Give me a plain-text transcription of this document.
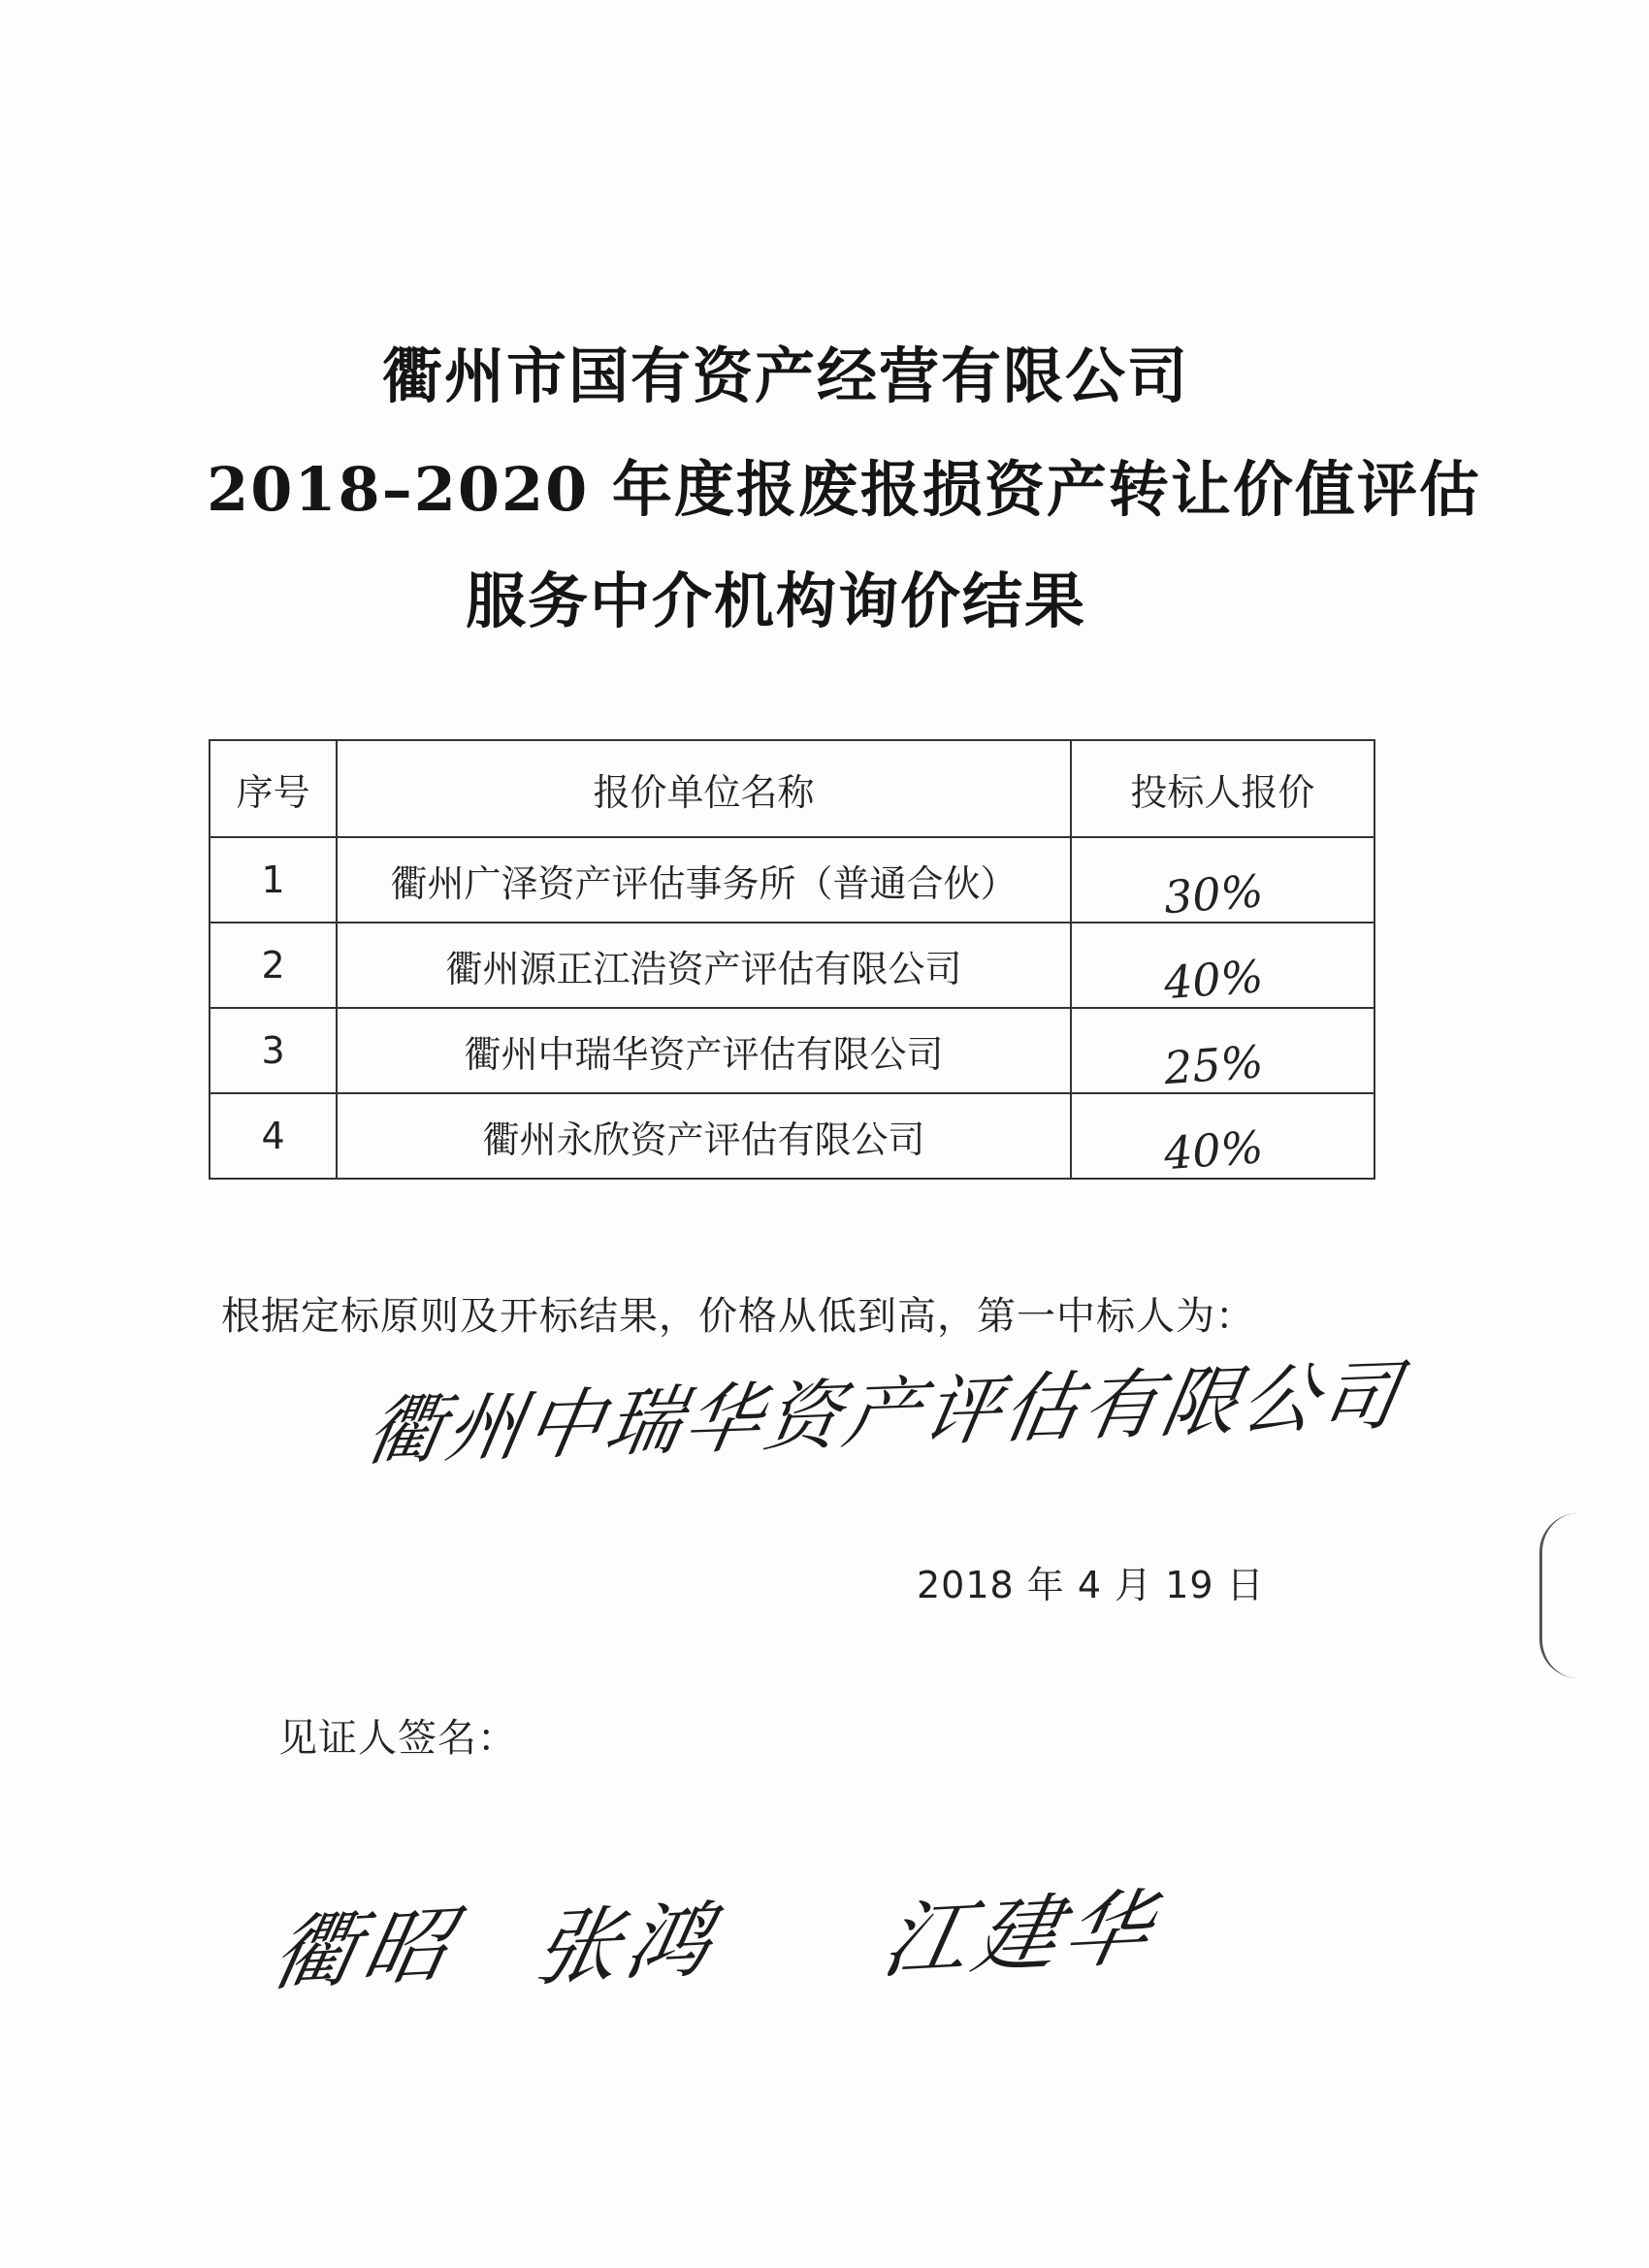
衢州市国有资产经营有限公司
2018–2020 年度报废报损资产转让价值评估
服务中介机构询价结果
序号	报价单位名称	投标人报价
1	衢州广泽资产评估事务所（普通合伙）	30%
2	衢州源正江浩资产评估有限公司	40%
3	衢州中瑞华资产评估有限公司	25%
4	衢州永欣资产评估有限公司	40%
根据定标原则及开标结果，价格从低到高，第一中标人为：
衢州中瑞华资产评估有限公司
2018 年 4 月 19 日
见证人签名：
衢昭 张鸿 江建华
